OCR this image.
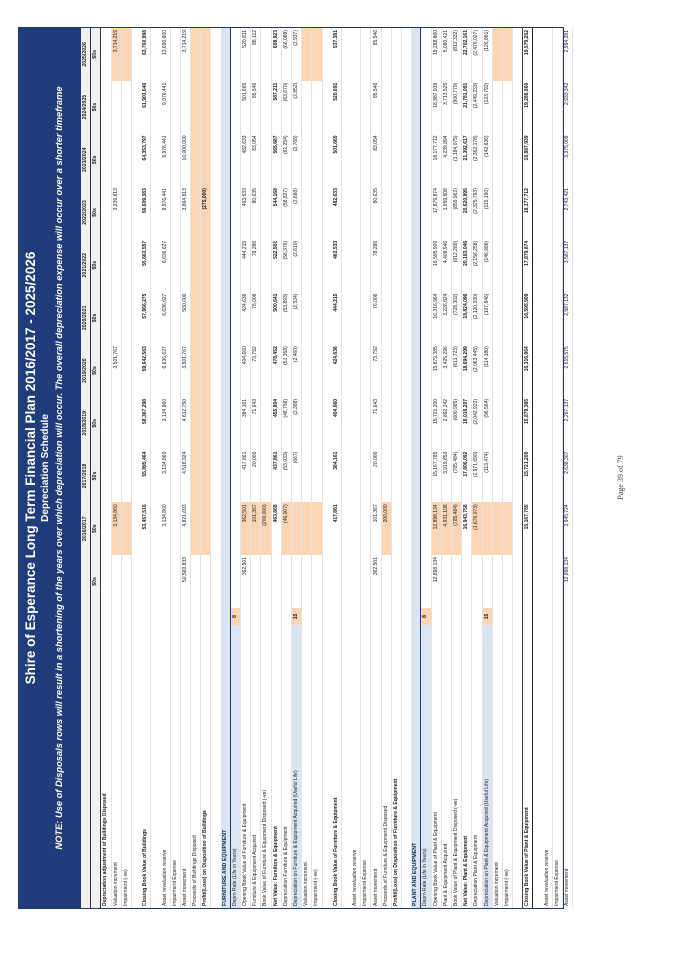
Shire of Esperance Long Term Financial Plan 2016/2017 - 2025/2026 Depreciation Schedule NOTE: Use of Disposals rows will result in a shortening of the years over which depreciation will occur. The overall depreciation expense will occur over a shorter timeframe
				2016/2017	2017/2018	2018/2019	2019/2020	2020/2021	2021/2022	2022/2023	2023/2024	2024/2025	2025/2026
		$0s	$0s	$0s	$0s	$0s	$0s	$0s	$0s	$0s	$0s	$0s
Depreciation adjustment of Buildings Disposed												
Valuation increment			3,134,860			3,501,767			3,339,813			3,714,219
Impairment (-ve)												

Closing Book Value of Buildings			53,457,516	55,895,464	58,367,298	59,642,583	57,866,275	55,663,557	56,609,383	64,353,797	61,903,646	63,760,998

Asset revaluation reserve			3,134,860	3,134,860	3,134,860	6,636,627	6,636,627	6,636,627	9,976,441	9,976,441	9,976,441	13,690,660
Impairment Expense												
Asset movement		50,569,833	4,821,693	4,518,924	4,612,750	3,501,767	500,000		3,864,813	10,000,000		3,714,219
Proceeds of Buildings Disposed												
Profit/(Loss) on Disposition of Buildings									(275,000)			

FURNITURE AND EQUIPMENT												
Deprn Rate (Life in Years)	8											
Opening Book Value of Furniture & Equipment		362,501	362,501	417,861	384,161	404,660	424,636	444,215	463,533	482,633	501,665	520,811
Furniture & Equipment Acquired			101,367	20,000	71,643	73,792	76,006	78,286	80,635	83,054	85,546	88,112
Book Value of Furniture & Equipment Disposed (-ve)			(200,000)									
Net Value: Furniture & Equipment			463,868	437,861	455,804	478,452	500,641	522,501	544,168	565,687	587,211	608,923
Depreciation Furniture & Equipment			(46,007)	(53,033)	(48,756)	(51,358)	(53,893)	(56,376)	(58,827)	(61,254)	(63,670)	(66,088)
Depreciation on Furniture & Equipment Acquired (Useful Life)	15			(667)	(2,388)	(2,460)	(2,534)	(2,610)	(2,688)	(2,768)	(2,852)	(2,937)
Valuation increment												
Impairment (-ve)												

Closing Book Value of Furniture & Equipment			417,861	384,161	404,660	424,636	444,215	463,533	482,633	501,665	520,691	537,381

Asset revaluation reserve												
Impairment Expense												
Asset movement		362,501	101,367	20,000	71,643	73,792	76,006	78,286	80,635	83,054	85,546	85,546
Proceeds of Furniture & Equipment Disposed			200,000									
Profit/(Loss) on Disposition of Furniture & Equipment												

PLANT AND EQUIPMENT												
Deprn Rate (Life in Years)	8											
Opening Book Value of Plant & Equipment		12,898,134	12,898,134	15,167,785	15,721,200	15,879,385	16,316,964	16,595,909	17,879,874	18,177,712	18,887,939	19,288,860
Plant & Equipment Acquired			4,931,108	3,919,853	2,892,242	3,425,296	3,226,824	4,409,546	1,959,808	4,239,894	3,713,525	5,080,421
Book Value of Plant & Equipment Disposed (-ve)			(785,484)	(785,484)	(600,985)	(611,723)	(728,302)	(812,289)	(859,962)	(1,184,075)	(900,779)	(812,332)
Net Value: Plant & Equipment			16,943,758	17,806,092	18,018,207	18,694,299	18,824,096	20,183,046	20,620,895	21,392,617	21,781,091	22,702,161
Depreciation Plant & Equipment			(1,676,073)	(1,971,690)	(2,042,922)	(2,063,445)	(2,120,330)	(2,156,258)	(2,325,793)	(2,362,178)	(2,449,233)	(2,476,027)
Depreciation on Plant & Equipment Acquired (Useful Life)	15			(113,474)	(96,564)	(114,180)	(107,846)	(146,986)	(115,190)	(142,636)	(123,792)	(126,861)
Valuation increment												
Impairment (-ve)												

Closing Book Value of Plant & Equipment			15,167,785	15,721,200	15,879,385	16,316,964	16,595,909	17,879,874	18,177,712	18,887,939	19,288,860	19,579,252

Asset revaluation reserve												
Impairment Expense												
Asset movement		12,898,134	3,945,724	2,638,307	2,297,137	2,615,575	2,587,132	3,587,137	2,743,421	3,375,009	2,933,342	2,994,381
Page 39 of 79
